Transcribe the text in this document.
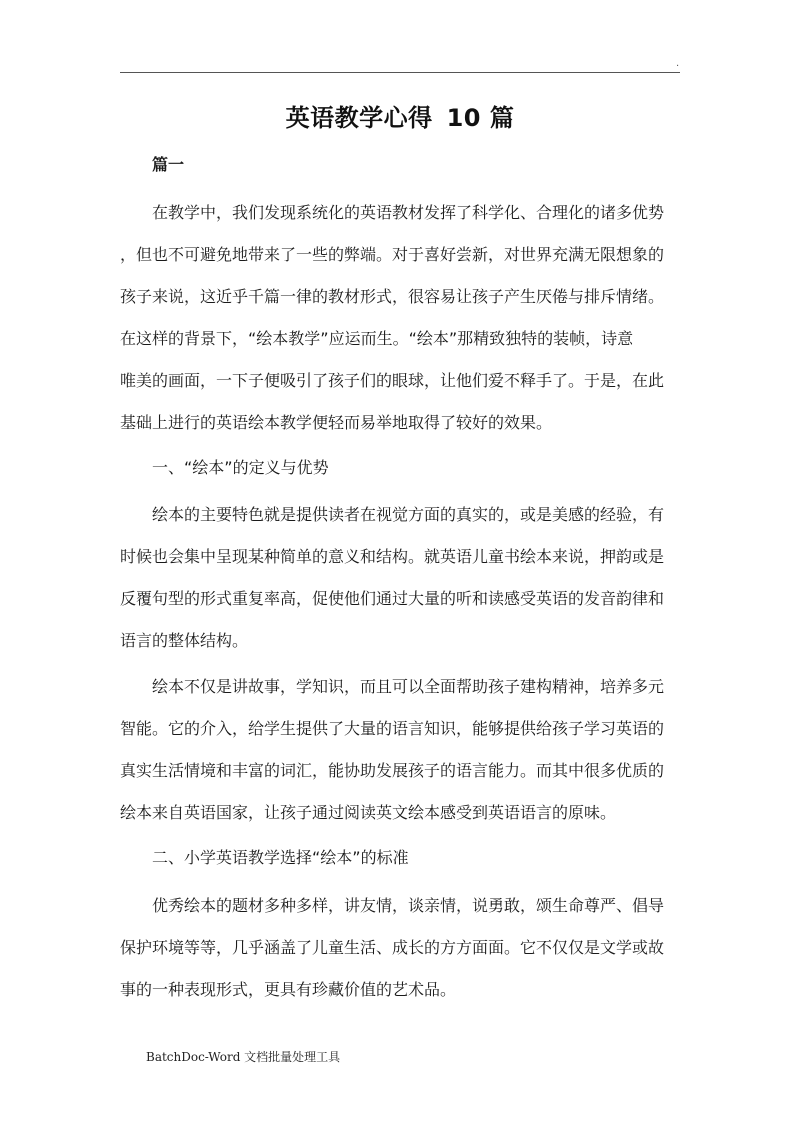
.
英语教学心得 10 篇

篇一

在教学中，我们发现系统化的英语教材发挥了科学化、合理化的诸多优势
，但也不可避免地带来了一些的弊端。对于喜好尝新，对世界充满无限想象的
孩子来说，这近乎千篇一律的教材形式，很容易让孩子产生厌倦与排斥情绪。
在这样的背景下，“绘本教学”应运而生。“绘本”那精致独特的装帧，诗意
唯美的画面，一下子便吸引了孩子们的眼球，让他们爱不释手了。于是，在此
基础上进行的英语绘本教学便轻而易举地取得了较好的效果。

一、“绘本”的定义与优势

绘本的主要特色就是提供读者在视觉方面的真实的，或是美感的经验，有
时候也会集中呈现某种简单的意义和结构。就英语儿童书绘本来说，押韵或是
反覆句型的形式重复率高，促使他们通过大量的听和读感受英语的发音韵律和
语言的整体结构。
绘本不仅是讲故事，学知识，而且可以全面帮助孩子建构精神，培养多元
智能。它的介入，给学生提供了大量的语言知识，能够提供给孩子学习英语的
真实生活情境和丰富的词汇，能协助发展孩子的语言能力。而其中很多优质的
绘本来自英语国家，让孩子通过阅读英文绘本感受到英语语言的原味。

二、小学英语教学选择“绘本”的标准

优秀绘本的题材多种多样，讲友情，谈亲情，说勇敢，颂生命尊严、倡导
保护环境等等，几乎涵盖了儿童生活、成长的方方面面。它不仅仅是文学或故
事的一种表现形式，更具有珍藏价值的艺术品。
BatchDoc-Word 文档批量处理工具
